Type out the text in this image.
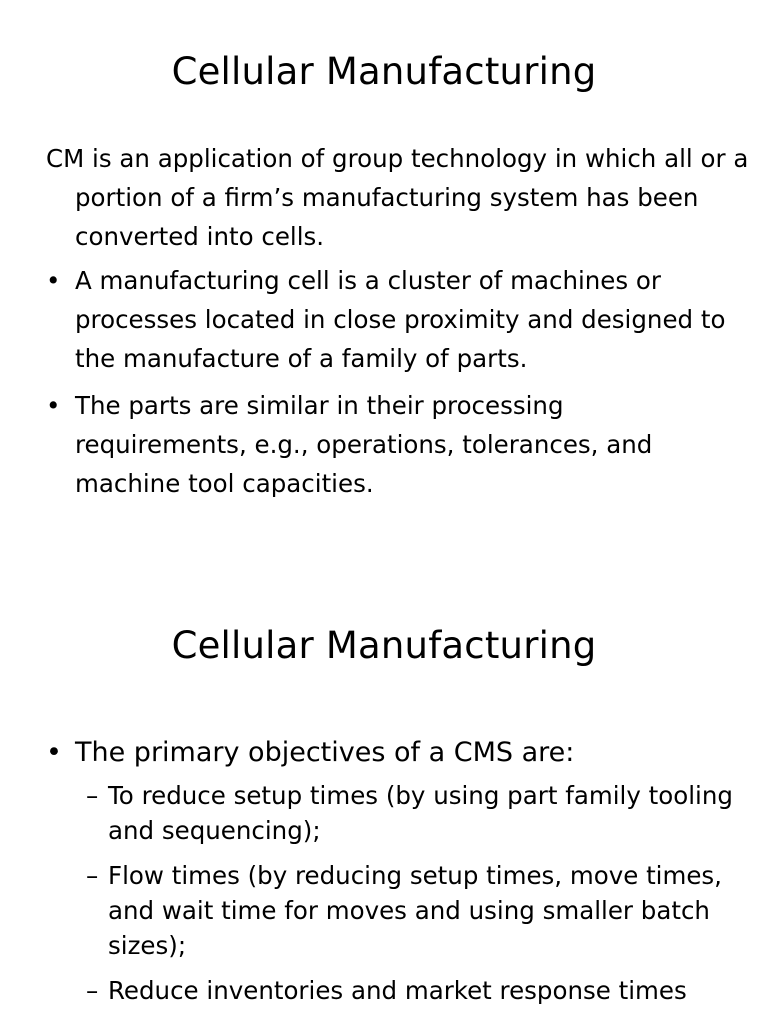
Cellular Manufacturing
CM is an application of group technology in which all or a portion of a firm’s manufacturing system has been converted into cells.
• A manufacturing cell is a cluster of machines or processes located in close proximity and designed to the manufacture of a family of parts.
• The parts are similar in their processing requirements, e.g., operations, tolerances, and machine tool capacities.
Cellular Manufacturing
• The primary objectives of a CMS are:
– To reduce setup times (by using part family tooling and sequencing);
– Flow times (by reducing setup times, move times, and wait time for moves and using smaller batch sizes);
– Reduce inventories and market response times
